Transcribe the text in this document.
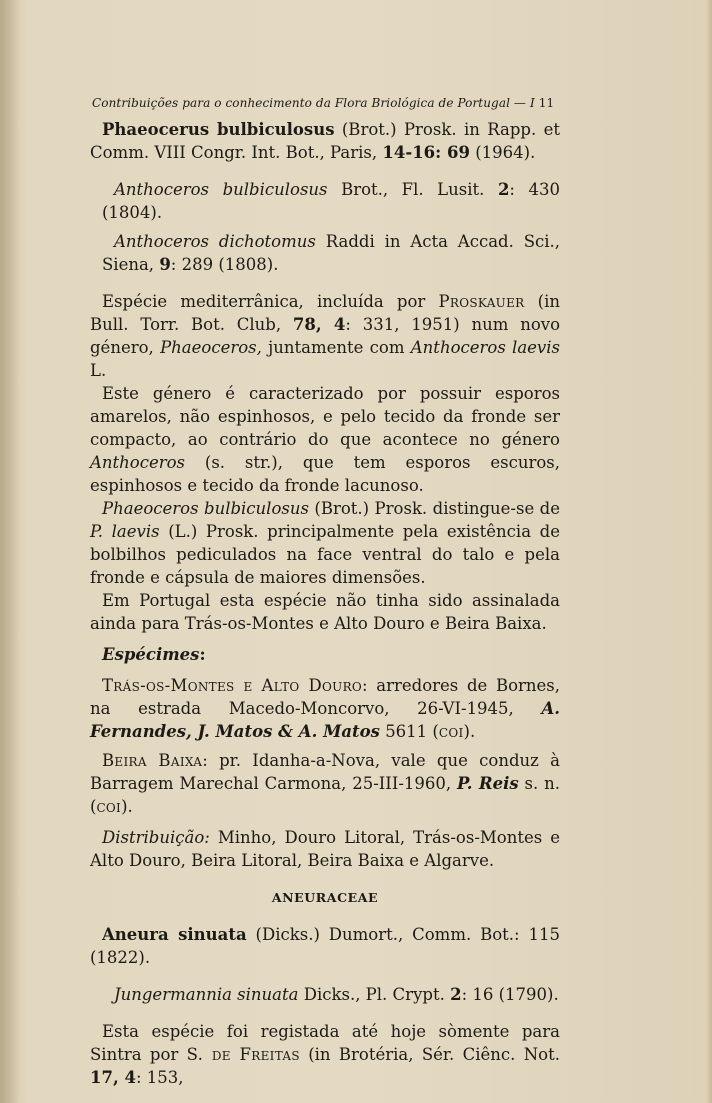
Contribuições para o conhecimento da Flora Briológica de Portugal — I 11

Phaeocerus bulbiculosus (Brot.) Prosk. in Rapp. et Comm. VIII Congr. Int. Bot., Paris, 14-16: 69 (1964).

Anthoceros bulbiculosus Brot., Fl. Lusit. 2: 430 (1804).

Anthoceros dichotomus Raddi in Acta Accad. Sci., Siena, 9: 289 (1808).

Espécie mediterrânica, incluída por Proskauer (in Bull. Torr. Bot. Club, 78, 4: 331, 1951) num novo género, Phaeoceros, juntamente com Anthoceros laevis L.

Este género é caracterizado por possuir esporos amarelos, não espinhosos, e pelo tecido da fronde ser compacto, ao contrário do que acontece no género Anthoceros (s. str.), que tem esporos escuros, espinhosos e tecido da fronde lacunoso.

Phaeoceros bulbiculosus (Brot.) Prosk. distingue-se de P. laevis (L.) Prosk. principalmente pela existência de bolbilhos pediculados na face ventral do talo e pela fronde e cápsula de maiores dimensões.

Em Portugal esta espécie não tinha sido assinalada ainda para Trás-os-Montes e Alto Douro e Beira Baixa.

Espécimes:

Trás-os-Montes e Alto Douro: arredores de Bornes, na estrada Macedo-Moncorvo, 26-VI-1945, A. Fernandes, J. Matos & A. Matos 5611 (coi).

Beira Baixa: pr. Idanha-a-Nova, vale que conduz à Barragem Marechal Carmona, 25-III-1960, P. Reis s. n. (coi).

Distribuição: Minho, Douro Litoral, Trás-os-Montes e Alto Douro, Beira Litoral, Beira Baixa e Algarve.

ANEURACEAE

Aneura sinuata (Dicks.) Dumort., Comm. Bot.: 115 (1822).

Jungermannia sinuata Dicks., Pl. Crypt. 2: 16 (1790).

Esta espécie foi registada até hoje sòmente para Sintra por S. de Freitas (in Brotéria, Sér. Ciênc. Not. 17, 4: 153,
